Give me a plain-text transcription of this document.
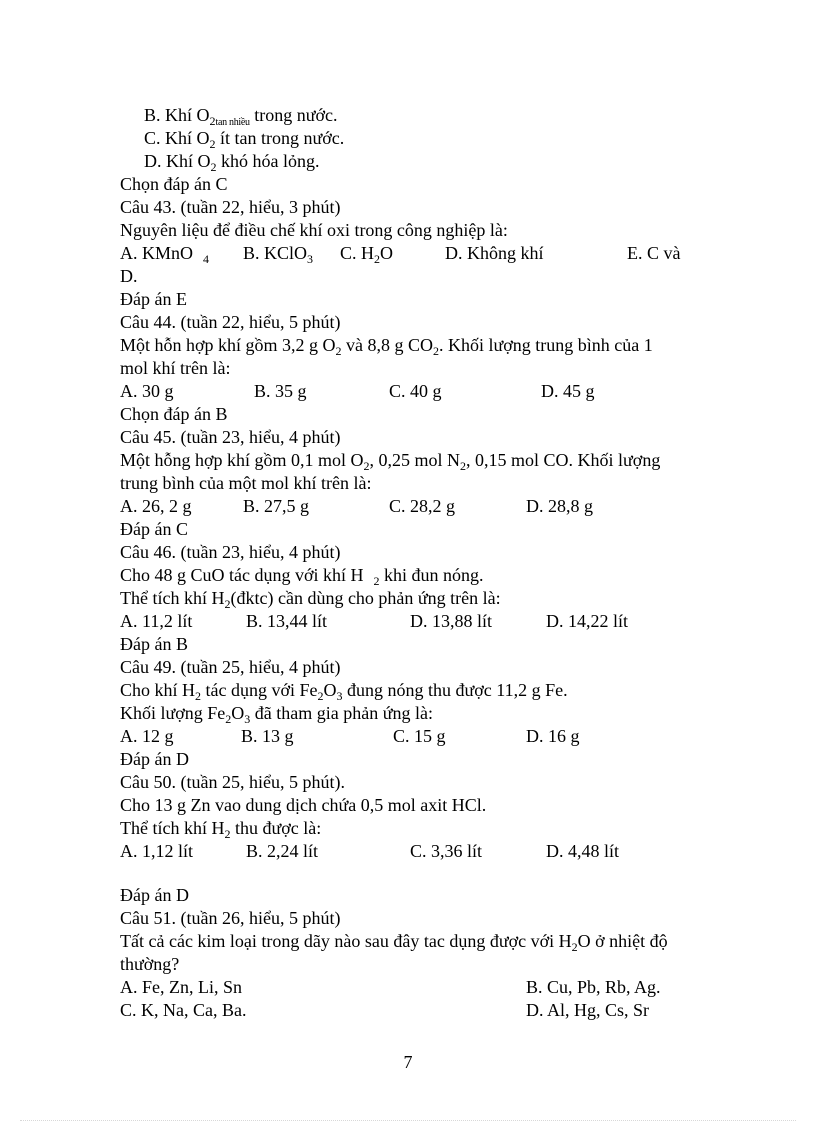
B. Khí $O_{2tan nhiều}$ trong nước.
C. Khí $O_2$ ít tan trong nước.
D. Khí $O_2$ khó hóa lỏng.
Chọn đáp án C
Câu 43. (tuần 22, hiểu, 3 phút)
Nguyên liệu để điều chế khí oxi trong công nghiệp là:
A. KMnO $_4$ B. KClO$_3$ C. $H_2O$	D. Không khí	E. C và
D.
Đáp án E
Câu 44. (tuần 22, hiểu, 5 phút)
Một hỗn hợp khí gồm 3,2 g $O_2$ và 8,8 g $CO_2$. Khối lượng trung bình của 1
mol khí trên là:
A. 30 g	B. 35 g	C. 40 g	D. 45 g
Chọn đáp án B
Câu 45. (tuần 23, hiểu, 4 phút)
Một hỗng hợp khí gồm 0,1 mol $O_2$, 0,25 mol $N_2$, 0,15 mol CO. Khối lượng
trung bình của một mol khí trên là:
A. 26, 2 g	B. 27,5 g	C. 28,2 g	D. 28,8 g
Đáp án C
Câu 46. (tuần 23, hiểu, 4 phút)
Cho 48 g CuO tác dụng với khí H $_2$ khi đun nóng.
Thể tích khí $H_2(đktc)$ cần dùng cho phản ứng trên là:
A. 11,2 lít	B. 13,44 lít	D. 13,88 lít	D. 14,22 lít
Đáp án B
Câu 49. (tuần 25, hiểu, 4 phút)
Cho khí $H_2$ tác dụng với $Fe_2O_3$ đung nóng thu được 11,2 g Fe.
Khối lượng $Fe_2O_3$ đã tham gia phản ứng là:
A. 12 g	B. 13 g	C. 15 g	D. 16 g
Đáp án D
Câu 50. (tuần 25, hiểu, 5 phút).
Cho 13 g Zn vao dung dịch chứa 0,5 mol axit HCl.
Thể tích khí $H_2$ thu được là:
A. 1,12 lít	B. 2,24 lít	C. 3,36 lít	D. 4,48 lít
Đáp án D
Câu 51. (tuần 26, hiểu, 5 phút)
Tất cả các kim loại trong dãy nào sau đây tac dụng được với $H_2O$ ở nhiệt độ
thường?
A. Fe, Zn, Li, Sn	B. Cu, Pb, Rb, Ag.
C. K, Na, Ca, Ba.	D. Al, Hg, Cs, Sr
7
